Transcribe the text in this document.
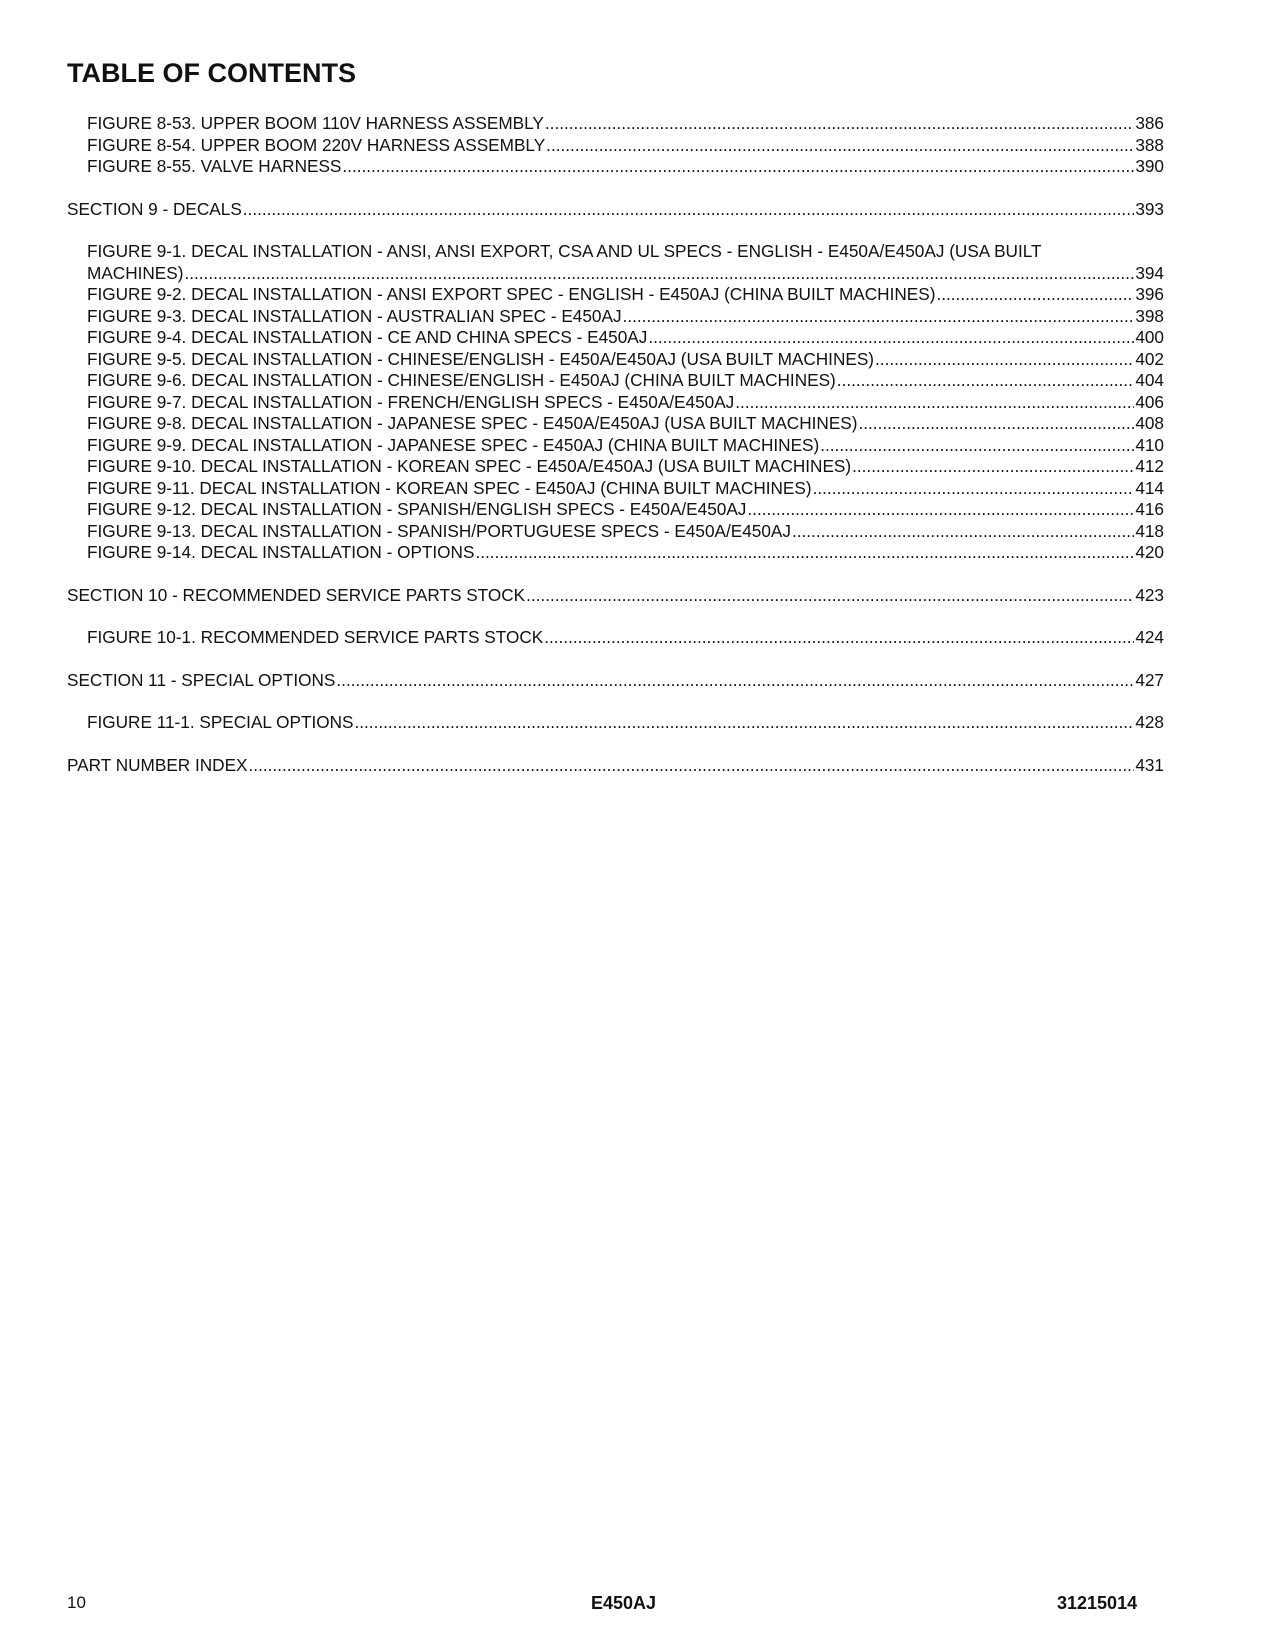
TABLE OF CONTENTS
FIGURE 8-53. UPPER BOOM 110V HARNESS ASSEMBLY .....	386
FIGURE 8-54. UPPER BOOM 220V HARNESS ASSEMBLY .....	388
FIGURE 8-55. VALVE HARNESS .....	390
SECTION 9 - DECALS .....	393
FIGURE 9-1. DECAL INSTALLATION - ANSI, ANSI EXPORT, CSA AND UL SPECS - ENGLISH - E450A/E450AJ (USA BUILT
MACHINES) .....	394
FIGURE 9-2. DECAL INSTALLATION - ANSI EXPORT SPEC - ENGLISH - E450AJ (CHINA BUILT MACHINES) .....	396
FIGURE 9-3. DECAL INSTALLATION - AUSTRALIAN SPEC - E450AJ .....	398
FIGURE 9-4. DECAL INSTALLATION - CE AND CHINA SPECS - E450AJ .....	400
FIGURE 9-5. DECAL INSTALLATION - CHINESE/ENGLISH - E450A/E450AJ (USA BUILT MACHINES) .....	402
FIGURE 9-6. DECAL INSTALLATION - CHINESE/ENGLISH - E450AJ (CHINA BUILT MACHINES) .....	404
FIGURE 9-7. DECAL INSTALLATION - FRENCH/ENGLISH SPECS - E450A/E450AJ .....	406
FIGURE 9-8. DECAL INSTALLATION - JAPANESE SPEC - E450A/E450AJ (USA BUILT MACHINES) .....	408
FIGURE 9-9. DECAL INSTALLATION - JAPANESE SPEC - E450AJ (CHINA BUILT MACHINES) .....	410
FIGURE 9-10. DECAL INSTALLATION - KOREAN SPEC - E450A/E450AJ (USA BUILT MACHINES) .....	412
FIGURE 9-11. DECAL INSTALLATION - KOREAN SPEC - E450AJ (CHINA BUILT MACHINES) .....	414
FIGURE 9-12. DECAL INSTALLATION - SPANISH/ENGLISH SPECS - E450A/E450AJ .....	416
FIGURE 9-13. DECAL INSTALLATION - SPANISH/PORTUGUESE SPECS - E450A/E450AJ .....	418
FIGURE 9-14. DECAL INSTALLATION - OPTIONS .....	420
SECTION 10 - RECOMMENDED SERVICE PARTS STOCK .....	423
FIGURE 10-1. RECOMMENDED SERVICE PARTS STOCK .....	424
SECTION 11 - SPECIAL OPTIONS .....	427
FIGURE 11-1. SPECIAL OPTIONS .....	428
PART NUMBER INDEX .....	431
10	E450AJ	31215014
